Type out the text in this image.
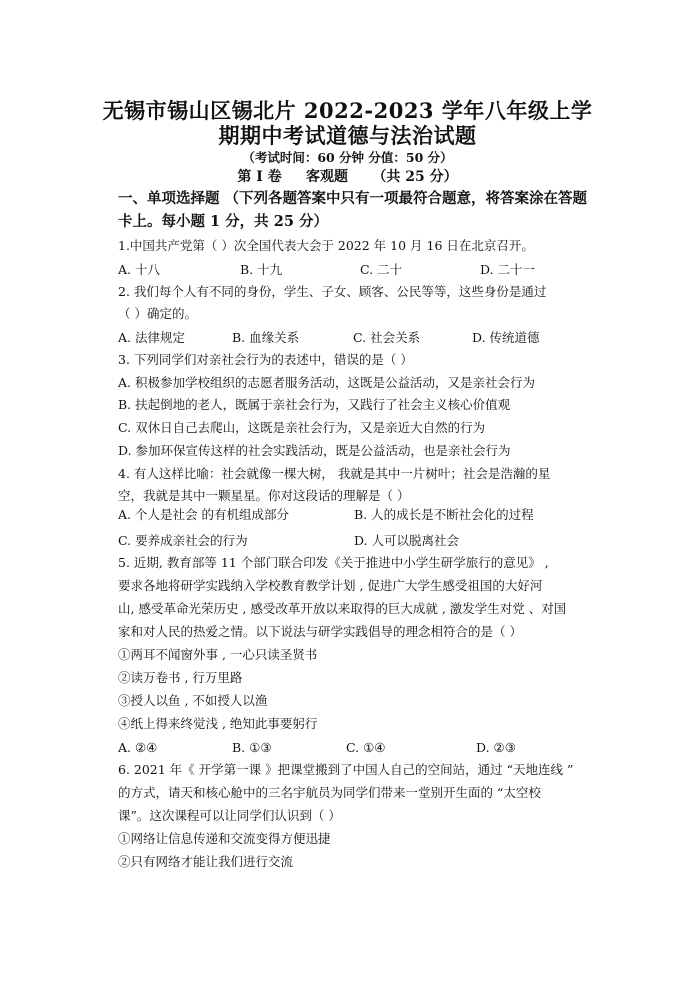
无锡市锡山区锡北片 2022-2023 学年八年级上学
期期中考试道德与法治试题
（考试时间：60 分钟 分值：50 分）
第 I 卷     客观题     （共 25 分）
一、单项选择题 （下列各题答案中只有一项最符合题意，将答案涂在答题
卡上。每小题 1 分，共 25 分）
1.中国共产党第（ ）次全国代表大会于 2022 年 10 月 16 日在北京召开。
A. 十八	B. 十九	C. 二十	D. 二十一
2. 我们每个人有不同的身份，学生、子女、顾客、公民等等，这些身份是通过
（ ）确定的。
A. 法律规定	B. 血缘关系	C. 社会关系	D. 传统道德
3. 下列同学们对亲社会行为的表述中，错误的是（ ）
A. 积极参加学校组织的志愿者服务活动，这既是公益活动，又是亲社会行为
B. 扶起倒地的老人，既属于亲社会行为，又践行了社会主义核心价值观
C. 双休日自己去爬山，这既是亲社会行为，又是亲近大自然的行为
D. 参加环保宣传这样的社会实践活动，既是公益活动，也是亲社会行为
4. 有人这样比喻：社会就像一棵大树， 我就是其中一片树叶；社会是浩瀚的星
空，我就是其中一颗星星。你对这段话的理解是（ ）
A. 个人是社会 的有机组成部分	B. 人的成长是不断社会化的过程
C. 要养成亲社会的行为	D. 人可以脱离社会
5. 近期, 教育部等 11 个部门联合印发《关于推进中小学生研学旅行的意见》 ,
要求各地将研学实践纳入学校教育教学计划 , 促进广大学生感受祖国的大好河
山, 感受革命光荣历史 , 感受改革开放以来取得的巨大成就 , 激发学生对党 、对国
家和对人民的热爱之情。以下说法与研学实践倡导的理念相符合的是（ ）
①两耳不闻窗外事 , 一心只读圣贤书
②读万卷书 , 行万里路
③授人以鱼 , 不如授人以渔
④纸上得来终觉浅 , 绝知此事要躬行
A. ②④	B. ①③	C. ①④	D. ②③
6. 2021 年《 开学第一课 》把课堂搬到了中国人自己的空间站，通过 “天地连线 ”
的方式，请天和核心舱中的三名宇航员为同学们带来一堂别开生面的 “太空校
课”。这次课程可以让同学们认识到（ ）
①网络让信息传递和交流变得方便迅捷
②只有网络才能让我们进行交流
